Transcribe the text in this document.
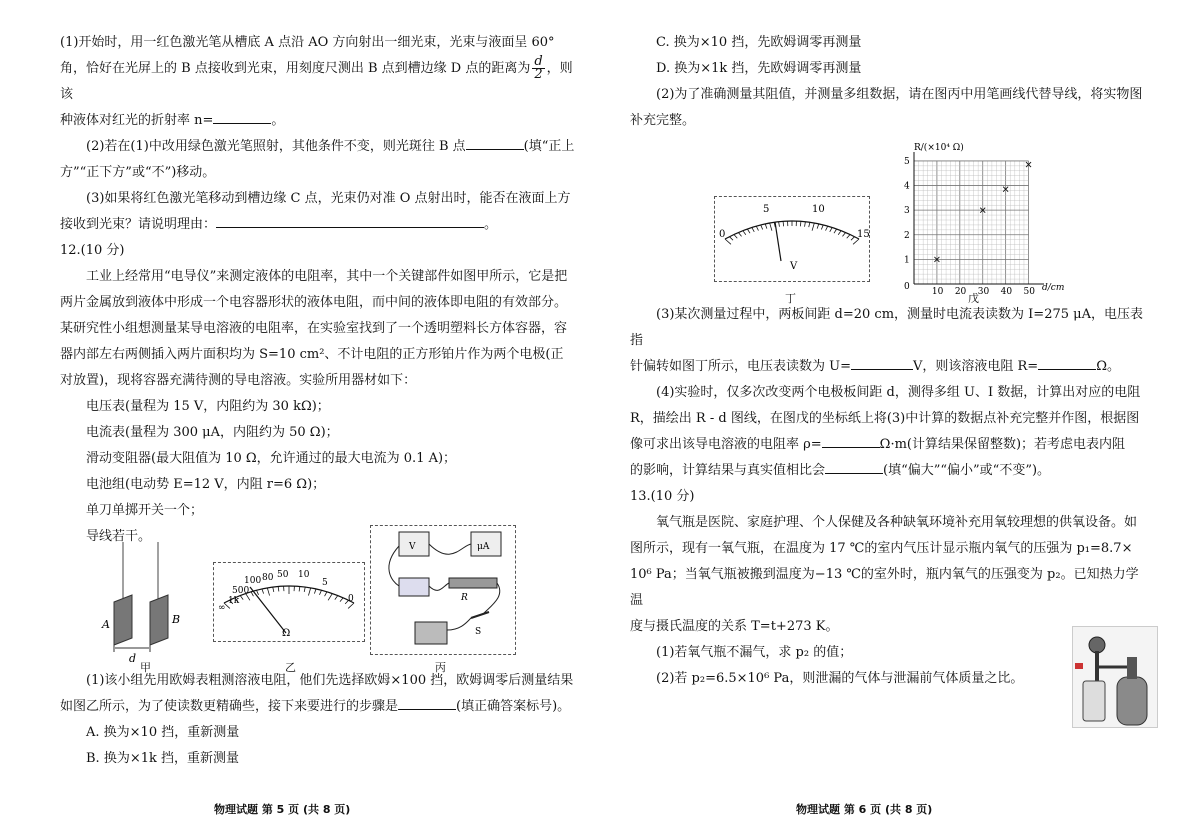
(1)开始时，用一红色激光笔从槽底 A 点沿 AO 方向射出一细光束，光束与液面呈 60°

角，恰好在光屏上的 B 点接收到光束，用刻度尺测出 B 点到槽边缘 D 点的距离为 $\frac{d}{2}$ ，则该

种液体对红光的折射率 n=	。

(2)若在(1)中改用绿色激光笔照射，其他条件不变，则光斑往 B 点	(填“正上

方”“正下方”或“不”)移动。

(3)如果将红色激光笔移动到槽边缘 C 点，光束仍对准 O 点射出时，能否在液面上方

接收到光束？请说明理由：	。

12.(10 分)

工业上经常用“电导仪”来测定液体的电阻率，其中一个关键部件如图甲所示，它是把

两片金属放到液体中形成一个电容器形状的液体电阻，而中间的液体即电阻的有效部分。

某研究性小组想测量某导电溶液的电阻率，在实验室找到了一个透明塑料长方体容器，容

器内部左右两侧插入两片面积均为 S=10 cm²、不计电阻的正方形铂片作为两个电极(正

对放置)，现将容器充满待测的导电溶液。实验所用器材如下：

电压表(量程为 15 V，内阻约为 30 kΩ)；

电流表(量程为 300 μA，内阻约为 50 Ω)；

滑动变阻器(最大阻值为 10 Ω，允许通过的最大电流为 0.1 A)；

电池组(电动势 E=12 V，内阻 r=6 Ω)；

单刀单掷开关一个；

导线若干。

A	B
d
甲
∞
1k
500
100 80 50 10
5
0
Ω
乙
V	μA
R
S
丙

(1)该小组先用欧姆表粗测溶液电阻，他们先选择欧姆×100 挡，欧姆调零后测量结果

如图乙所示，为了使读数更精确些，接下来要进行的步骤是	(填正确答案标号)。

A. 换为×10 挡，重新测量

B. 换为×1k 挡，重新测量

物理试题 第 5 页 (共 8 页)

C. 换为×10 挡，先欧姆调零再测量

D. 换为×1k 挡，先欧姆调零再测量

(2)为了准确测量其阻值，并测量多组数据，请在图丙中用笔画线代替导线，将实物图

补充完整。

0
5	10
15
V
丁	10 20 30 40 50
1
2
3
4
5
R/(×10⁴ Ω)
d/cm
0
戊

(3)某次测量过程中，两板间距 d=20 cm，测量时电流表读数为 I=275 μA，电压表指

针偏转如图丁所示，电压表读数为 U=	V，则该溶液电阻 R=	Ω。

(4)实验时，仅多次改变两个电极板间距 d，测得多组 U、I 数据，计算出对应的电阻

R，描绘出 R - d 图线，在图戊的坐标纸上将(3)中计算的数据点补充完整并作图，根据图

像可求出该导电溶液的电阻率 ρ=	Ω·m(计算结果保留整数)；若考虑电表内阻

的影响，计算结果与真实值相比会	(填“偏大”“偏小”或“不变”)。

13.(10 分)

氧气瓶是医院、家庭护理、个人保健及各种缺氧环境补充用氧较理想的供氧设备。如

图所示，现有一氧气瓶，在温度为 17 ℃的室内气压计显示瓶内氧气的压强为 p₁=8.7×

10⁶ Pa；当氧气瓶被搬到温度为−13 ℃的室外时，瓶内氧气的压强变为 p₂。已知热力学温

度与摄氏温度的关系 T=t+273 K。

(1)若氧气瓶不漏气，求 p₂ 的值；

(2)若 p₂=6.5×10⁶ Pa，则泄漏的气体与泄漏前气体质量之比。

物理试题 第 6 页 (共 8 页)
